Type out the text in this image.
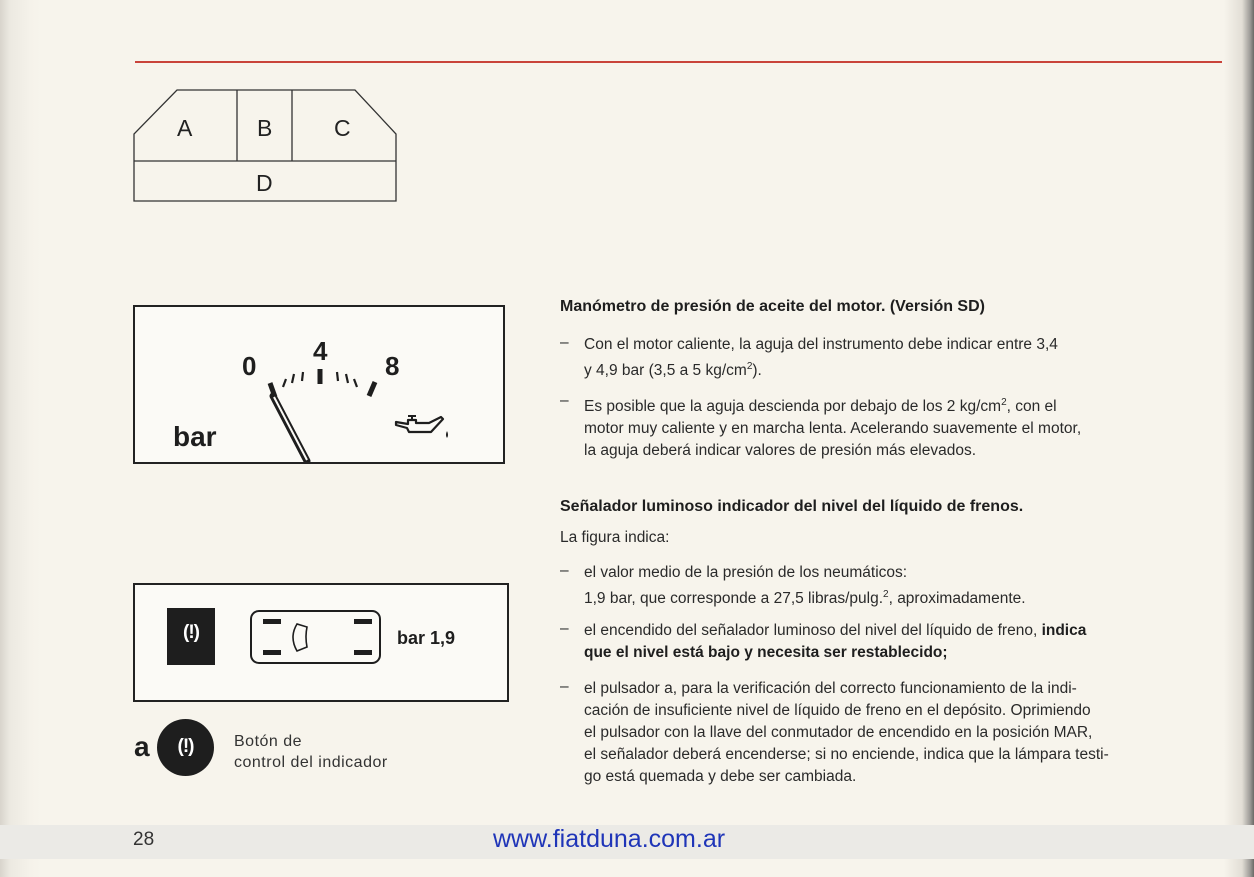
A	B	C
D
0 4 8
bar
Manómetro de presión de aceite del motor. (Versión SD)
– Con el motor caliente, la aguja del instrumento debe indicar entre 3,4
y 4,9 bar (3,5 a 5 $kg/cm^2$).
– Es posible que la aguja descienda por debajo de los 2 $kg/cm^2$, con el
motor muy caliente y en marcha lenta. Acelerando suavemente el motor,
la aguja deberá indicar valores de presión más elevados.
Señalador luminoso indicador del nivel del líquido de frenos.
La figura indica:
– el valor medio de la presión de los neumáticos:
1,9 bar, que corresponde a 27,5 libras/pulg.$^2$, aproximadamente.
– el encendido del señalador luminoso del nivel del líquido de freno, indica
que el nivel está bajo y necesita ser restablecido;
– el pulsador a, para la verificación del correcto funcionamiento de la indi-
cación de insuficiente nivel de líquido de freno en el depósito. Oprimiendo
el pulsador con la llave del conmutador de encendido en la posición MAR,
el señalador deberá encenderse; si no enciende, indica que la lámpara testi-
go está quemada y debe ser cambiada.
(!)	bar 1,9
a	(!)	Botón de
control del indicador
28	www.fiatduna.com.ar
